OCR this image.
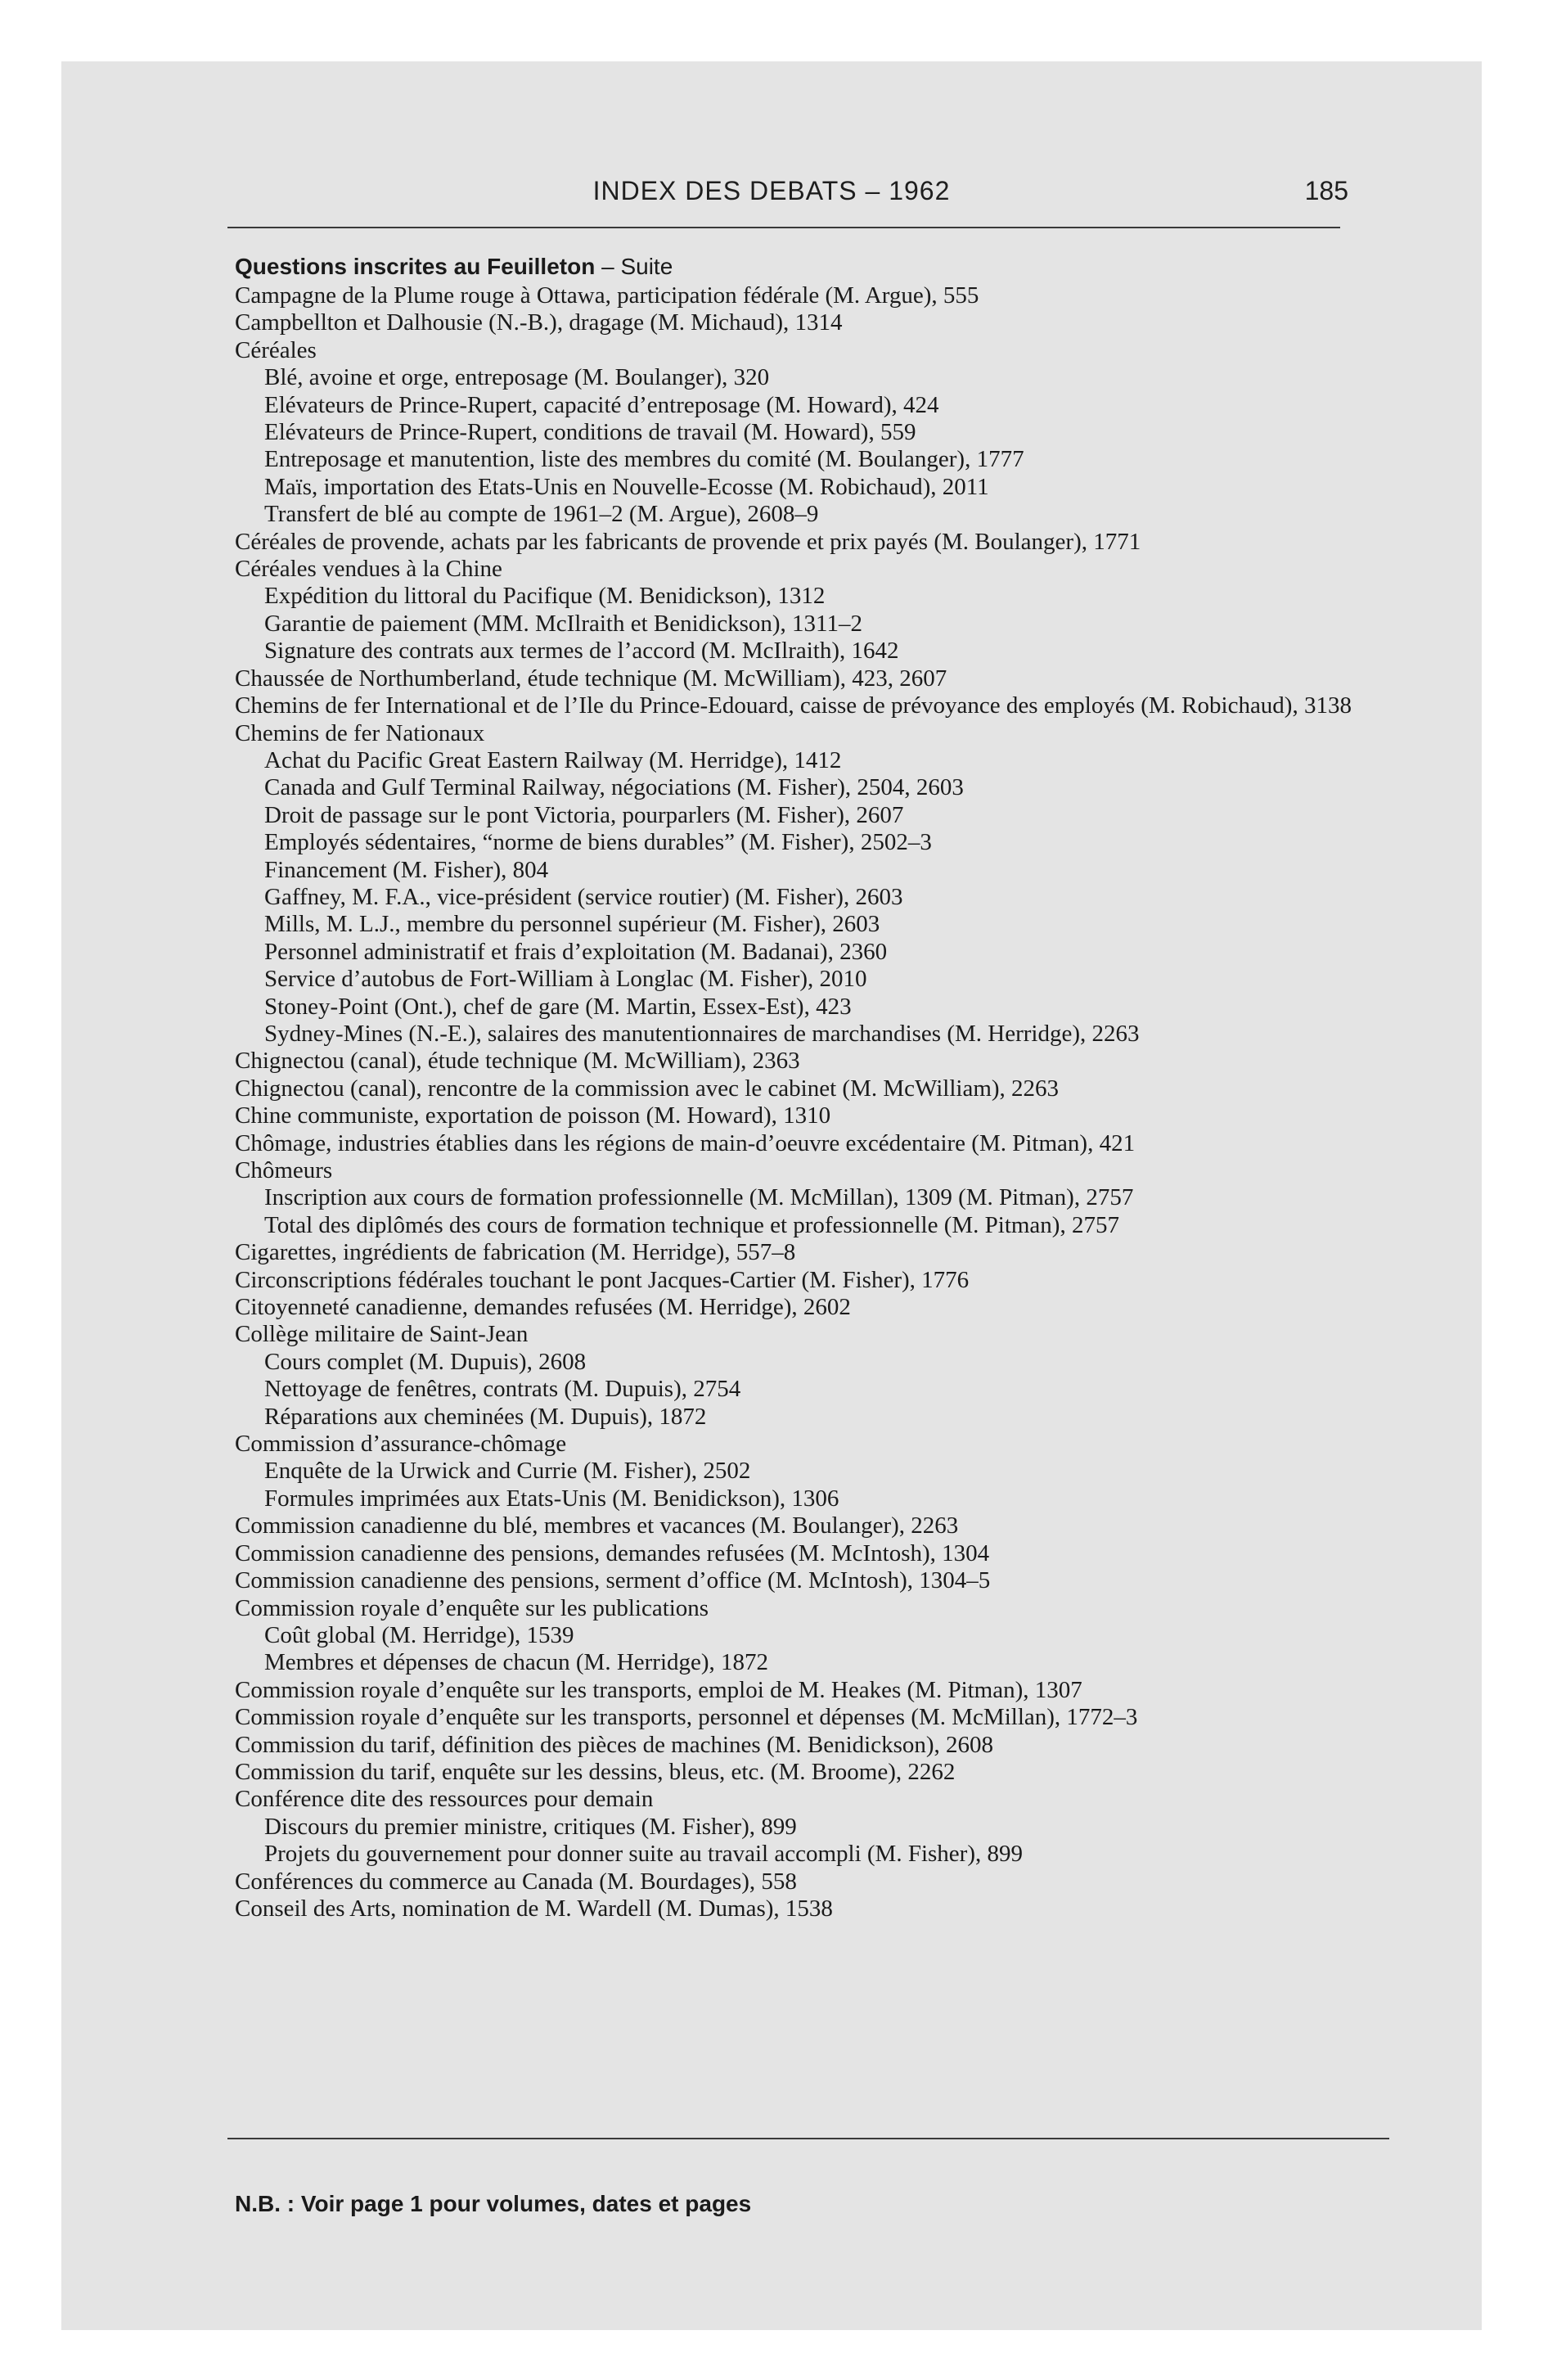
INDEX DES DEBATS – 1962	185
Questions inscrites au Feuilleton – Suite
Campagne de la Plume rouge à Ottawa, participation fédérale (M. Argue), 555
Campbellton et Dalhousie (N.-B.), dragage (M. Michaud), 1314
Céréales
Blé, avoine et orge, entreposage (M. Boulanger), 320
Elévateurs de Prince-Rupert, capacité d’entreposage (M. Howard), 424
Elévateurs de Prince-Rupert, conditions de travail (M. Howard), 559
Entreposage et manutention, liste des membres du comité (M. Boulanger), 1777
Maïs, importation des Etats-Unis en Nouvelle-Ecosse (M. Robichaud), 2011
Transfert de blé au compte de 1961–2 (M. Argue), 2608–9
Céréales de provende, achats par les fabricants de provende et prix payés (M. Boulanger), 1771
Céréales vendues à la Chine
Expédition du littoral du Pacifique (M. Benidickson), 1312
Garantie de paiement (MM. McIlraith et Benidickson), 1311–2
Signature des contrats aux termes de l’accord (M. McIlraith), 1642
Chaussée de Northumberland, étude technique (M. McWilliam), 423, 2607
Chemins de fer International et de l’Ile du Prince-Edouard, caisse de prévoyance des employés (M. Robichaud), 3138
Chemins de fer Nationaux
Achat du Pacific Great Eastern Railway (M. Herridge), 1412
Canada and Gulf Terminal Railway, négociations (M. Fisher), 2504, 2603
Droit de passage sur le pont Victoria, pourparlers (M. Fisher), 2607
Employés sédentaires, “norme de biens durables” (M. Fisher), 2502–3
Financement (M. Fisher), 804
Gaffney, M. F.A., vice-président (service routier) (M. Fisher), 2603
Mills, M. L.J., membre du personnel supérieur (M. Fisher), 2603
Personnel administratif et frais d’exploitation (M. Badanai), 2360
Service d’autobus de Fort-William à Longlac (M. Fisher), 2010
Stoney-Point (Ont.), chef de gare (M. Martin, Essex-Est), 423
Sydney-Mines (N.-E.), salaires des manutentionnaires de marchandises (M. Herridge), 2263
Chignectou (canal), étude technique (M. McWilliam), 2363
Chignectou (canal), rencontre de la commission avec le cabinet (M. McWilliam), 2263
Chine communiste, exportation de poisson (M. Howard), 1310
Chômage, industries établies dans les régions de main-d’oeuvre excédentaire (M. Pitman), 421
Chômeurs
Inscription aux cours de formation professionnelle (M. McMillan), 1309 (M. Pitman), 2757
Total des diplômés des cours de formation technique et professionnelle (M. Pitman), 2757
Cigarettes, ingrédients de fabrication (M. Herridge), 557–8
Circonscriptions fédérales touchant le pont Jacques-Cartier (M. Fisher), 1776
Citoyenneté canadienne, demandes refusées (M. Herridge), 2602
Collège militaire de Saint-Jean
Cours complet (M. Dupuis), 2608
Nettoyage de fenêtres, contrats (M. Dupuis), 2754
Réparations aux cheminées (M. Dupuis), 1872
Commission d’assurance-chômage
Enquête de la Urwick and Currie (M. Fisher), 2502
Formules imprimées aux Etats-Unis (M. Benidickson), 1306
Commission canadienne du blé, membres et vacances (M. Boulanger), 2263
Commission canadienne des pensions, demandes refusées (M. McIntosh), 1304
Commission canadienne des pensions, serment d’office (M. McIntosh), 1304–5
Commission royale d’enquête sur les publications
Coût global (M. Herridge), 1539
Membres et dépenses de chacun (M. Herridge), 1872
Commission royale d’enquête sur les transports, emploi de M. Heakes (M. Pitman), 1307
Commission royale d’enquête sur les transports, personnel et dépenses (M. McMillan), 1772–3
Commission du tarif, définition des pièces de machines (M. Benidickson), 2608
Commission du tarif, enquête sur les dessins, bleus, etc. (M. Broome), 2262
Conférence dite des ressources pour demain
Discours du premier ministre, critiques (M. Fisher), 899
Projets du gouvernement pour donner suite au travail accompli (M. Fisher), 899
Conférences du commerce au Canada (M. Bourdages), 558
Conseil des Arts, nomination de M. Wardell (M. Dumas), 1538
N.B. : Voir page 1 pour volumes, dates et pages
